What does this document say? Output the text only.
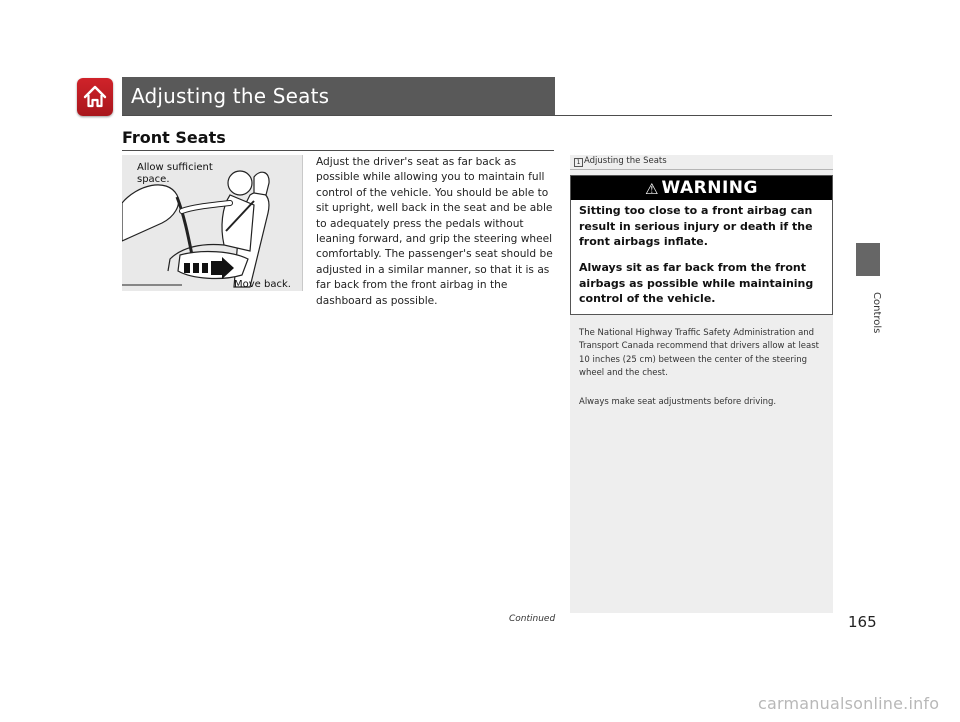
Adjusting the Seats
Front Seats
Allow sufficient
space.
Move back.
Adjust the driver's seat as far back as possible while allowing you to maintain full control of the vehicle. You should be able to sit upright, well back in the seat and be able to adequately press the pedals without leaning forward, and grip the steering wheel comfortably. The passenger's seat should be adjusted in a similar manner, so that it is as far back from the front airbag in the dashboard as possible.
1 Adjusting the Seats
⚠ WARNING
Sitting too close to a front airbag can result in serious injury or death if the front airbags inflate.
Always sit as far back from the front airbags as possible while maintaining control of the vehicle.
The National Highway Traffic Safety Administration and Transport Canada recommend that drivers allow at least 10 inches (25 cm) between the center of the steering wheel and the chest.
Always make seat adjustments before driving.
Controls
Continued	165
carmanualsonline.info
